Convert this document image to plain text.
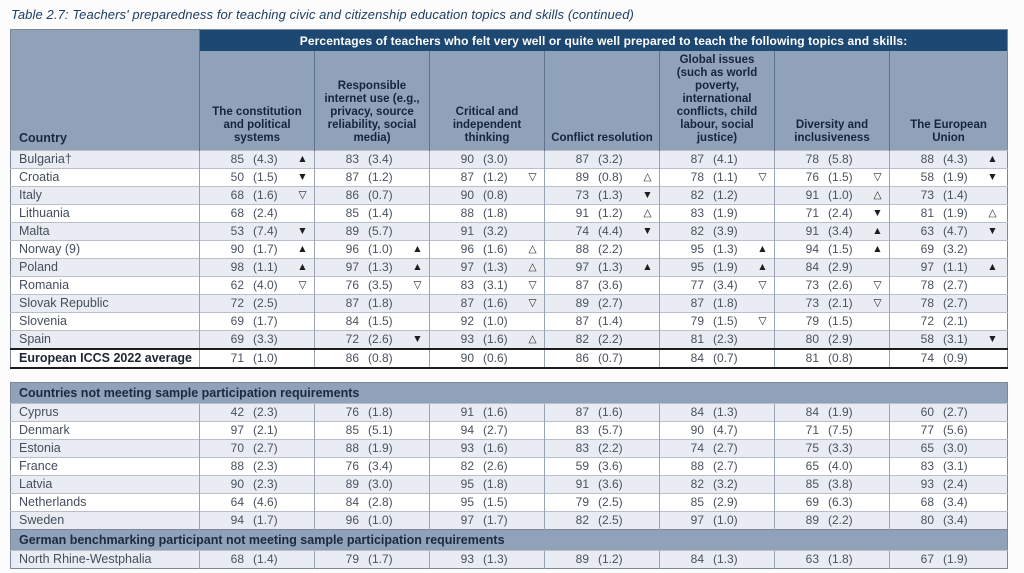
Table 2.7: Teachers' preparedness for teaching civic and citizenship education topics and skills (continued)
Country	Percentages of teachers who felt very well or quite well prepared to teach the following topics and skills:						
	The constitution and political systems	Responsible internet use (e.g., privacy, source reliability, social media)	Critical and independent thinking	Conflict resolution	Global issues (such as world poverty, international conflicts, child labour, social justice)	Diversity and inclusiveness	The European Union
Bulgaria†	85 (4.3) ▲	83 (3.4)	90 (3.0)	87 (3.2)	87 (4.1)	78 (5.8)	88 (4.3) ▲

Croatia	50 (1.5) ▼	87 (1.2)	87 (1.2) ▽	89 (0.8) △	78 (1.1) ▽	76 (1.5) ▽	58 (1.9) ▼

Italy	68 (1.6) ▽	86 (0.7)	90 (0.8)	73 (1.3) ▼	82 (1.2)	91 (1.0) △	73 (1.4)

Lithuania	68 (2.4)	85 (1.4)	88 (1.8)	91 (1.2) △	83 (1.9)	71 (2.4) ▼	81 (1.9) △

Malta	53 (7.4) ▼	89 (5.7)	91 (3.2)	74 (4.4) ▼	82 (3.9)	91 (3.4) ▲	63 (4.7) ▼

Norway (9)	90 (1.7) ▲	96 (1.0) ▲	96 (1.6) △	88 (2.2)	95 (1.3) ▲	94 (1.5) ▲	69 (3.2)

Poland	98 (1.1) ▲	97 (1.3) ▲	97 (1.3) △	97 (1.3) ▲	95 (1.9) ▲	84 (2.9)	97 (1.1) ▲

Romania	62 (4.0) ▽	76 (3.5) ▽	83 (3.1) ▽	87 (3.6)	77 (3.4) ▽	73 (2.6) ▽	78 (2.7)

Slovak Republic	72 (2.5)	87 (1.8)	87 (1.6) ▽	89 (2.7)	87 (1.8)	73 (2.1) ▽	78 (2.7)

Slovenia	69 (1.7)	84 (1.5)	92 (1.0)	87 (1.4)	79 (1.5) ▽	79 (1.5)	72 (2.1)

Spain	69 (3.3)	72 (2.6) ▼	93 (1.6) △	82 (2.2)	81 (2.3)	80 (2.9)	58 (3.1) ▼

European ICCS 2022 average	71 (1.0)	86 (0.8)	90 (0.6)	86 (0.7)	84 (0.7)	81 (0.8)	74 (0.9)
Countries not meeting sample participation requirements							
Cyprus	42 (2.3)	76 (1.8)	91 (1.6)	87 (1.6)	84 (1.3)	84 (1.9)	60 (2.7)

Denmark	97 (2.1)	85 (5.1)	94 (2.7)	83 (5.7)	90 (4.7)	71 (7.5)	77 (5.6)

Estonia	70 (2.7)	88 (1.9)	93 (1.6)	83 (2.2)	74 (2.7)	75 (3.3)	65 (3.0)

France	88 (2.3)	76 (3.4)	82 (2.6)	59 (3.6)	88 (2.7)	65 (4.0)	83 (3.1)

Latvia	90 (2.3)	89 (3.0)	95 (1.8)	91 (3.6)	82 (3.2)	85 (3.8)	93 (2.4)

Netherlands	64 (4.6)	84 (2.8)	95 (1.5)	79 (2.5)	85 (2.9)	69 (6.3)	68 (3.4)

Sweden	94 (1.7)	96 (1.0)	97 (1.7)	82 (2.5)	97 (1.0)	89 (2.2)	80 (3.4)

German benchmarking participant not meeting sample participation requirements							
North Rhine-Westphalia	68 (1.4)	79 (1.7)	93 (1.3)	89 (1.2)	84 (1.3)	63 (1.8)	67 (1.9)
